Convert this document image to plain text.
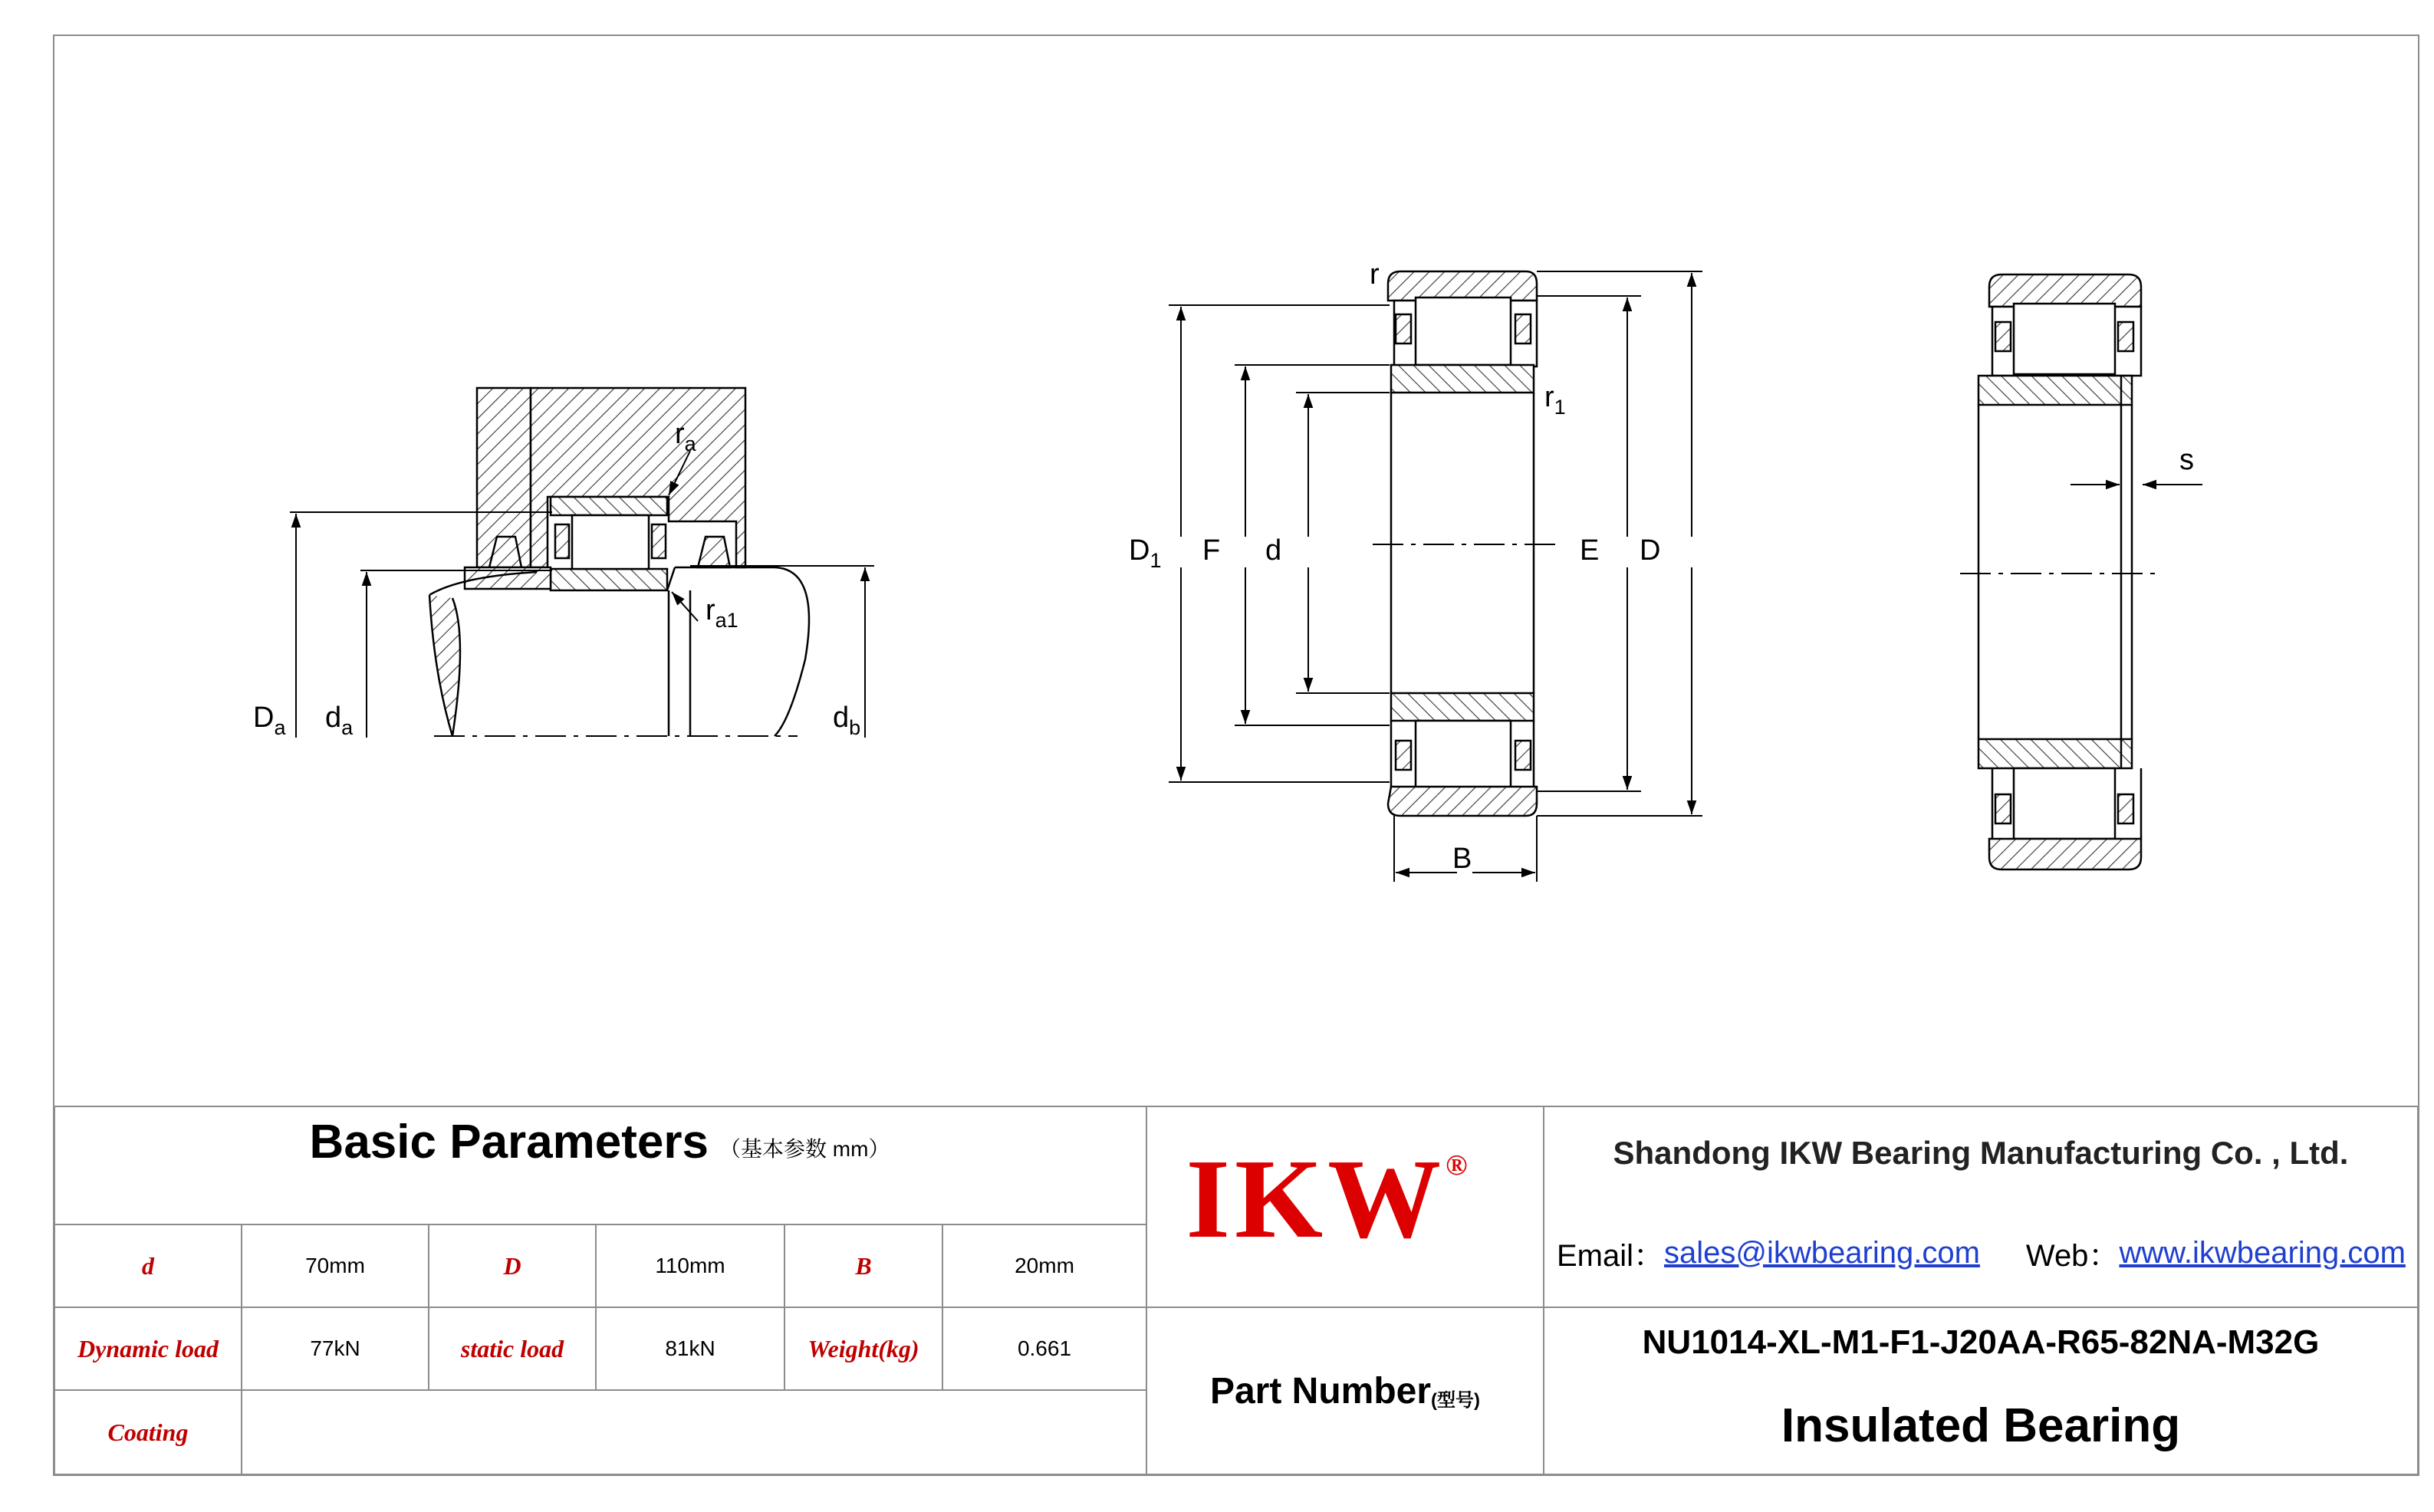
$r_a$
$r_{a1}$
$D_a$ $d_a$	$d_b$
r
$r_1$
$D_1$ F d	E D
B
s
Basic Parameters （基本参数 mm）
d	70mm	D	110mm	B	20mm
Dynamic load	77kN	static load	81kN	Weight(kg)	0.661
Coating
Part Number (型号)
Shandong IKW Bearing Manufacturing Co. , Ltd.
Email： sales@ikwbearing.com Web： www.ikwbearing.com
NU1014-XL-M1-F1-J20AA-R65-82NA-M32G
Insulated Bearing
IKW ®
